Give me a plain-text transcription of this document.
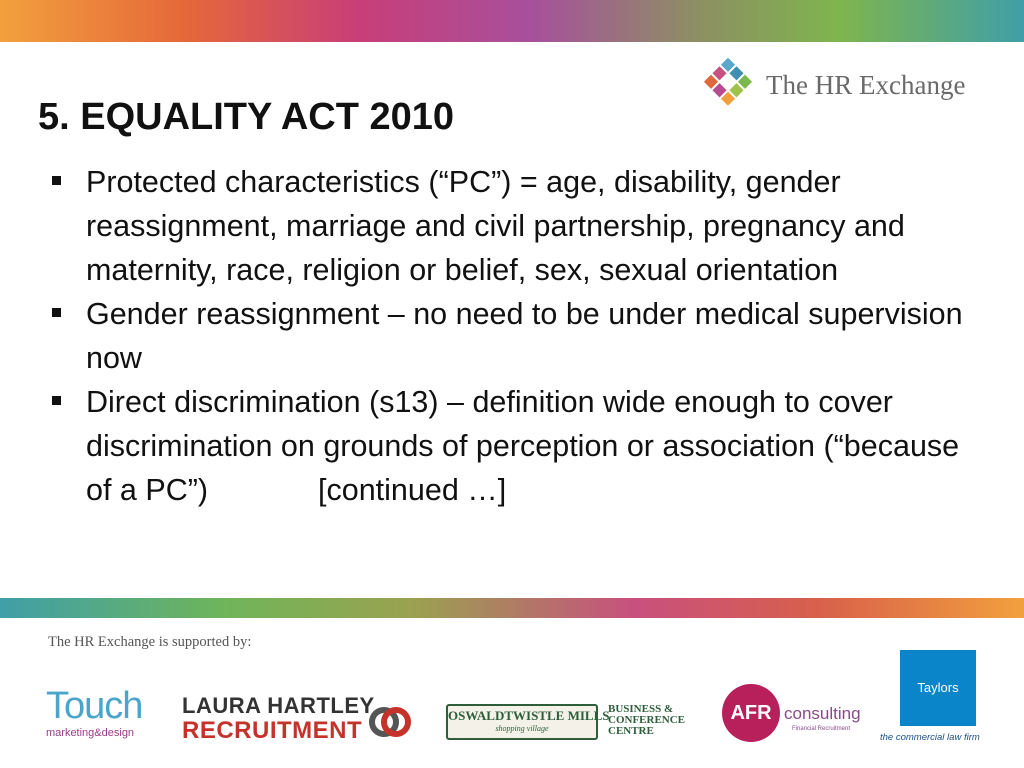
The HR Exchange
5. EQUALITY ACT 2010
Protected characteristics (“PC”) = age, disability, gender reassignment, marriage and civil partnership, pregnancy and maternity, race, religion or belief, sex, sexual orientation
Gender reassignment – no need to be under medical supervision now
Direct discrimination (s13) – definition wide enough to cover discrimination on grounds of perception or association (“because of a PC”)	[continued …]
The HR Exchange is supported by:
Touch
marketing&design
LAURA HARTLEY
RECRUITMENT
OSWALDTWISTLE MILLS
shopping village
BUSINESS &
CONFERENCE
CENTRE
AFR consulting
Financial Recruitment
Taylors
the commercial law firm
